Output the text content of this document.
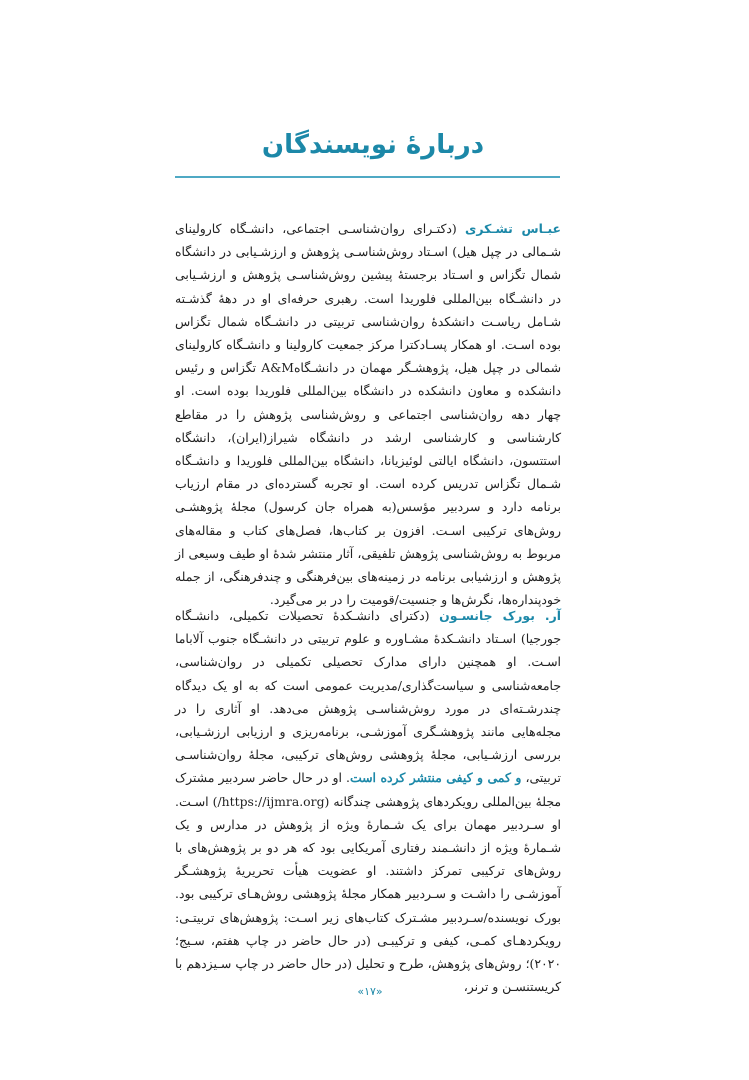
دربارۀ نویسندگان

عبـاس تشـکری (دکتـرای روان‌شناسـی اجتماعی، دانشـگاه کارولینای شـمالی در چپل هیل) اسـتاد روش‌شناسـی پژوهش و ارزشـیابی در دانشگاه شمال تگزاس و اسـتاد برجستۀ پیشین روش‌شناسـی پژوهش و ارزشـیابی در دانشـگاه بین‌المللی فلوریدا است. رهبری حرفه‌ای او در دهۀ گذشـته شـامل ریاسـت دانشکدۀ روان‌شناسی تربیتی در دانشـگاه شمال تگزاس بوده اسـت. او همکار پسـادکترا مرکز جمعیت کارولینا و دانشـگاه کارولینای شمالی در چپل هیل، پژوهشـگر مهمان در دانشـگاهA&M تگزاس و رئیس دانشکده و معاون دانشکده در دانشگاه بین‌المللی فلوریدا بوده است. او چهار دهه روان‌شناسی اجتماعی و روش‌شناسی پژوهش را در مقاطع کارشناسی و کارشناسی ارشد در دانشگاه شیراز(ایران)، دانشگاه استتسون، دانشگاه ایالتی لوئیزیانا، دانشگاه بین‌المللی فلوریدا و دانشـگاه شـمال تگزاس تدریس کرده است. او تجربه گسترده‌ای در مقام ارزیاب برنامه دارد و سردبیر مؤسس(به همراه جان کرسول) مجلۀ پژوهشـی روش‌های ترکیبی اسـت. افزون بر کتاب‌ها، فصل‌های کتاب و مقاله‌های مربوط به روش‌شناسی پژوهش تلفیقی، آثار منتشر شدۀ او طیف وسیعی از پژوهش و ارزشیابی برنامه در زمینه‌های بین‌فرهنگی و چندفرهنگی، از جمله خودپنداره‌ها، نگرش‌ها و جنسیت/قومیت را در بر می‌گیرد.

آر. بورک جانسـون (دکترای دانشـکدۀ تحصیلات تکمیلی، دانشـگاه جورجیا) اسـتاد دانشـکدۀ مشـاوره و علوم تربیتی در دانشـگاه جنوب آلاباما اسـت. او همچنین دارای مدارک تحصیلی تکمیلی در روان‌شناسی، جامعه‌شناسی و سیاست‌گذاری/مدیریت عمومی است که به او یک دیدگاه چندرشـته‌ای در مورد روش‌شناسـی پژوهش می‌دهد. او آثاری را در مجله‌هایی مانند پژوهشـگری آموزشـی، برنامه‌ریزی و ارزیابی ارزشـیابی، بررسی ارزشـیابی، مجلۀ پژوهشی روش‌های ترکیبی، مجلۀ روان‌شناسـی تربیتی، و کمی و کیفی منتشر کرده است. او در حال حاضر سردبیر مشترک مجلۀ بین‌المللی رویکردهای پژوهشی چندگانه (https://ijmra.org/) اسـت. او سـردبیر مهمان برای یک شـمارۀ ویژه از پژوهش در مدارس و یک شـمارۀ ویژه از دانشـمند رفتاری آمریکایی بود که هر دو بر پژوهش‌های با روش‌های ترکیبی تمرکز داشتند. او عضویت هیأت تحریریۀ پژوهشـگر آموزشـی را داشـت و سـردبیر همکار مجلۀ پژوهشی روش‌هـای ترکیبی بود. بورک نویسنده/سـردبیر مشـترک کتاب‌های زیر اسـت: پژوهش‌های تربیتـی: رویکردهـای کمـی، کیفی و ترکیبـی (در حال حاضر در چاپ هفتم، سـیج؛ ۲۰۲۰)؛ روش‌های پژوهش، طرح و تحلیل (در حال حاضر در چاپ سـیزدهم با کریستنسـن و ترنر،

«۱۷»
